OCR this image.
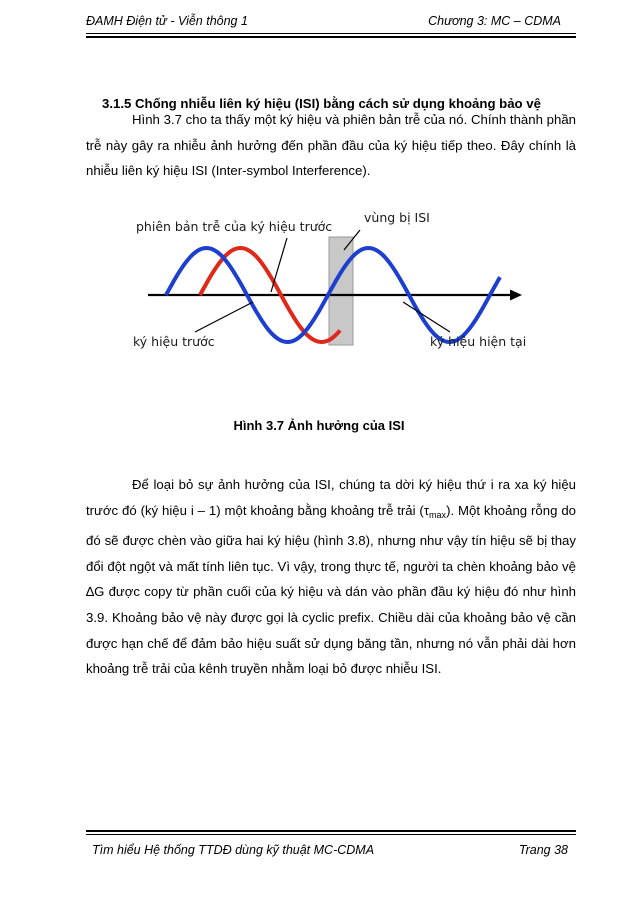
ĐAMH Điện tử - Viễn thông 1	Chương 3: MC – CDMA
3.1.5 Chống nhiễu liên ký hiệu (ISI) bằng cách sử dụng khoảng bảo vệ

Hình 3.7 cho ta thấy một ký hiệu và phiên bản trễ của nó. Chính thành phần trễ này gây ra nhiễu ảnh hưởng đến phần đầu của ký hiệu tiếp theo. Đây chính là nhiễu liên ký hiệu ISI (Inter-symbol Interference).

phiên bản trễ của ký hiệu trước
vùng bị ISI
ký hiệu trước	ký hiệu hiện tại
Hình 3.7 Ảnh hưởng của ISI

Để loại bỏ sự ảnh hưởng của ISI, chúng ta dời ký hiệu thứ i ra xa ký hiệu trước đó (ký hiệu i – 1) một khoảng bằng khoảng trễ trải $(\tau_{max})$. Một khoảng rỗng do đó sẽ được chèn vào giữa hai ký hiệu (hình 3.8), nhưng như vậy tín hiệu sẽ bị thay đổi đột ngột và mất tính liên tục. Vì vậy, trong thực tế, người ta chèn khoảng bảo vệ ∆G được copy từ phần cuối của ký hiệu và dán vào phần đầu ký hiệu đó như hình 3.9. Khoảng bảo vệ này được gọi là cyclic prefix. Chiều dài của khoảng bảo vệ cần được hạn chế để đảm bảo hiệu suất sử dụng băng tần, nhưng nó vẫn phải dài hơn khoảng trễ trải của kênh truyền nhằm loại bỏ được nhiễu ISI.

Tìm hiểu Hệ thống TTDĐ dùng kỹ thuật MC-CDMA	Trang 38
